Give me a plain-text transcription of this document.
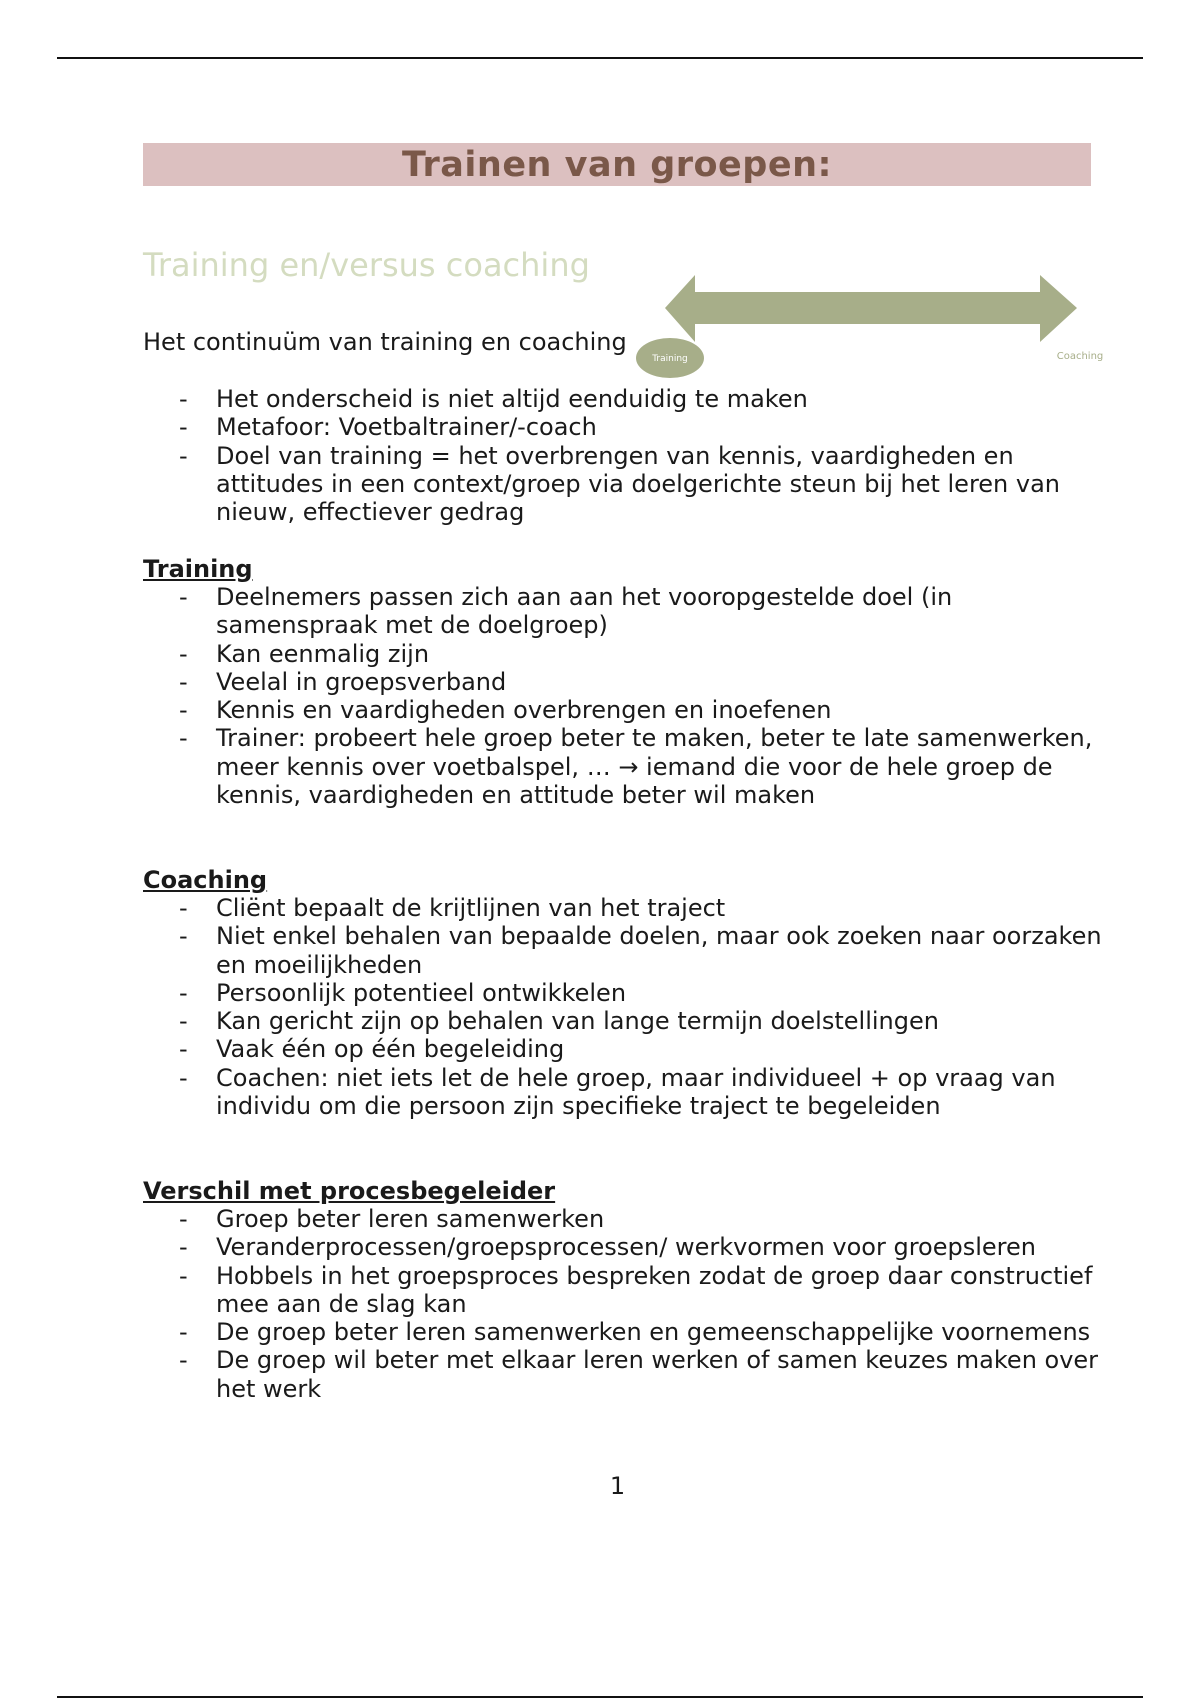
Trainen van groepen:
Training en/versus coaching
Training	Coaching
Het continuüm van training en coaching
- Het onderscheid is niet altijd eenduidig te maken
- Metafoor: Voetbaltrainer/-coach
- Doel van training = het overbrengen van kennis, vaardigheden en attitudes in een context/groep via doelgerichte steun bij het leren van nieuw, effectiever gedrag
Training
- Deelnemers passen zich aan aan het vooropgestelde doel (in samenspraak met de doelgroep)
- Kan eenmalig zijn
- Veelal in groepsverband
- Kennis en vaardigheden overbrengen en inoefenen
- Trainer: probeert hele groep beter te maken, beter te late samenwerken, meer kennis over voetbalspel, … → iemand die voor de hele groep de kennis, vaardigheden en attitude beter wil maken
Coaching
- Cliënt bepaalt de krijtlijnen van het traject
- Niet enkel behalen van bepaalde doelen, maar ook zoeken naar oorzaken en moeilijkheden
- Persoonlijk potentieel ontwikkelen
- Kan gericht zijn op behalen van lange termijn doelstellingen
- Vaak één op één begeleiding
- Coachen: niet iets let de hele groep, maar individueel + op vraag van individu om die persoon zijn specifieke traject te begeleiden
Verschil met procesbegeleider
- Groep beter leren samenwerken
- Veranderprocessen/groepsprocessen/ werkvormen voor groepsleren
- Hobbels in het groepsproces bespreken zodat de groep daar constructief mee aan de slag kan
- De groep beter leren samenwerken en gemeenschappelijke voornemens
- De groep wil beter met elkaar leren werken of samen keuzes maken over het werk
1
